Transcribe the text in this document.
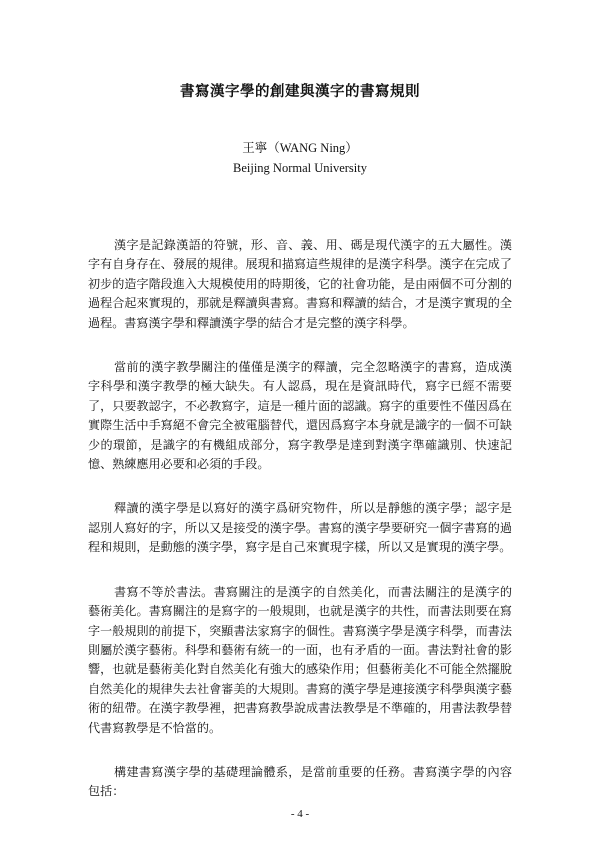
書寫漢字學的創建與漢字的書寫規則
王寧（WANG Ning）
Beijing Normal University

漢字是記錄漢語的符號，形、音、義、用、碼是現代漢字的五大屬性。漢字有自身存在、發展的規律。展現和描寫這些規律的是漢字科學。漢字在完成了初步的造字階段進入大規模使用的時期後，它的社會功能，是由兩個不可分割的過程合起來實現的，那就是釋讀與書寫。書寫和釋讀的結合，才是漢字實現的全過程。書寫漢字學和釋讀漢字學的結合才是完整的漢字科學。

當前的漢字教學關注的僅僅是漢字的釋讀，完全忽略漢字的書寫，造成漢字科學和漢字教學的極大缺失。有人認爲，現在是資訊時代，寫字已經不需要了，只要教認字，不必教寫字，這是一種片面的認識。寫字的重要性不僅因爲在實際生活中手寫絕不會完全被電腦替代，還因爲寫字本身就是識字的一個不可缺少的環節，是識字的有機組成部分，寫字教學是達到對漢字準確識別、快速記憶、熟練應用必要和必須的手段。

釋讀的漢字學是以寫好的漢字爲研究物件，所以是靜態的漢字學；認字是認別人寫好的字，所以又是接受的漢字學。書寫的漢字學要研究一個字書寫的過程和規則，是動態的漢字學，寫字是自己來實現字樣，所以又是實現的漢字學。

書寫不等於書法。書寫關注的是漢字的自然美化，而書法關注的是漢字的藝術美化。書寫關注的是寫字的一般規則，也就是漢字的共性，而書法則要在寫字一般規則的前提下，突顯書法家寫字的個性。書寫漢字學是漢字科學，而書法則屬於漢字藝術。科學和藝術有統一的一面，也有矛盾的一面。書法對社會的影響，也就是藝術美化對自然美化有強大的感染作用；但藝術美化不可能全然擺脫自然美化的規律失去社會審美的大規則。書寫的漢字學是連接漢字科學與漢字藝術的紐帶。在漢字教學裡，把書寫教學說成書法教學是不準確的，用書法教學替代書寫教學是不恰當的。

構建書寫漢字學的基礎理論體系，是當前重要的任務。書寫漢字學的內容包括：

- 4 -
